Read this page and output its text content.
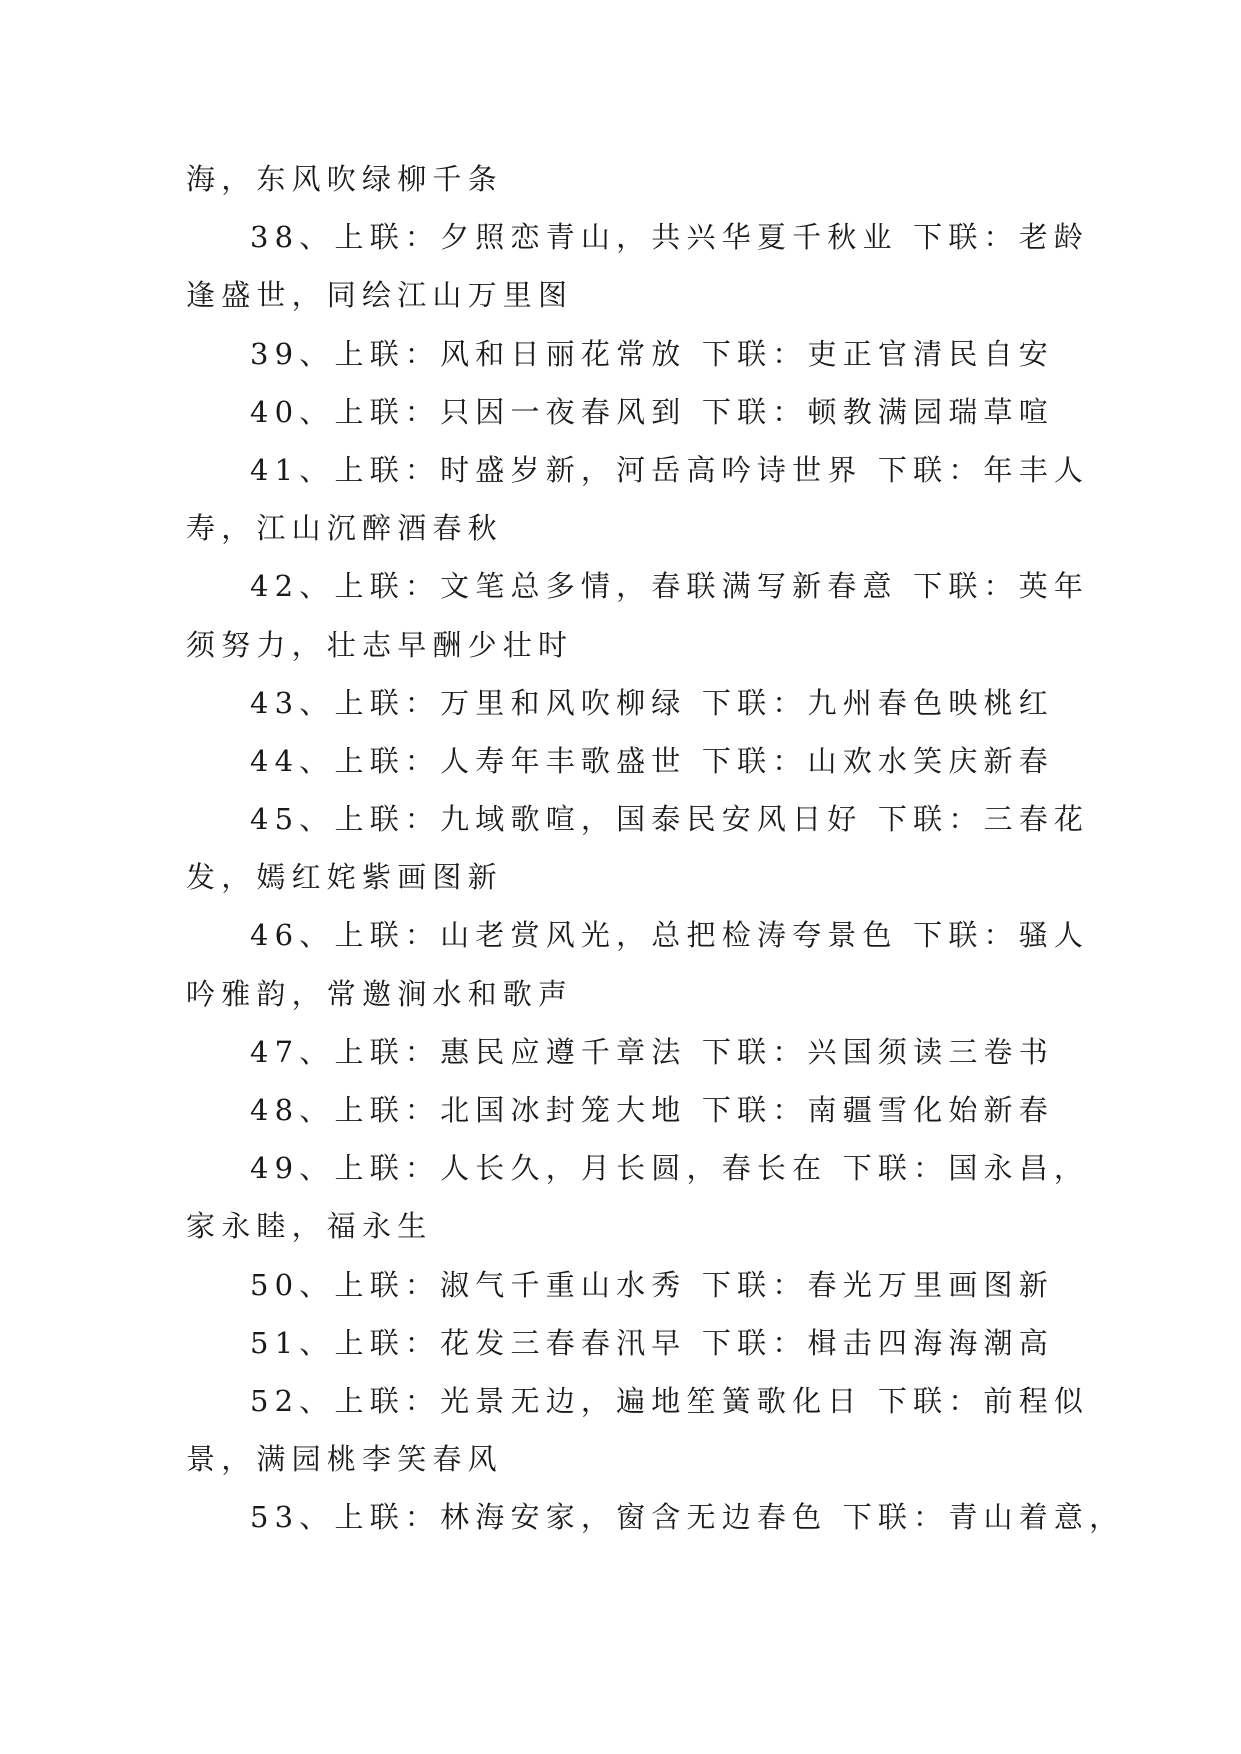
海，东风吹绿柳千条
38、上联：夕照恋青山，共兴华夏千秋业 下联：老龄
逢盛世，同绘江山万里图
39、上联：风和日丽花常放 下联：吏正官清民自安
40、上联：只因一夜春风到 下联：顿教满园瑞草喧
41、上联：时盛岁新，河岳高吟诗世界 下联：年丰人
寿，江山沉醉酒春秋
42、上联：文笔总多情，春联满写新春意 下联：英年
须努力，壮志早酬少壮时
43、上联：万里和风吹柳绿 下联：九州春色映桃红
44、上联：人寿年丰歌盛世 下联：山欢水笑庆新春
45、上联：九域歌喧，国泰民安风日好 下联：三春花
发，嫣红姹紫画图新
46、上联：山老赏风光，总把检涛夸景色 下联：骚人
吟雅韵，常邀涧水和歌声
47、上联：惠民应遵千章法 下联：兴国须读三卷书
48、上联：北国冰封笼大地 下联：南疆雪化始新春
49、上联：人长久，月长圆，春长在 下联：国永昌，
家永睦，福永生
50、上联：淑气千重山水秀 下联：春光万里画图新
51、上联：花发三春春汛早 下联：楫击四海海潮高
52、上联：光景无边，遍地笙簧歌化日 下联：前程似
景，满园桃李笑春风
53、上联：林海安家，窗含无边春色 下联：青山着意，
